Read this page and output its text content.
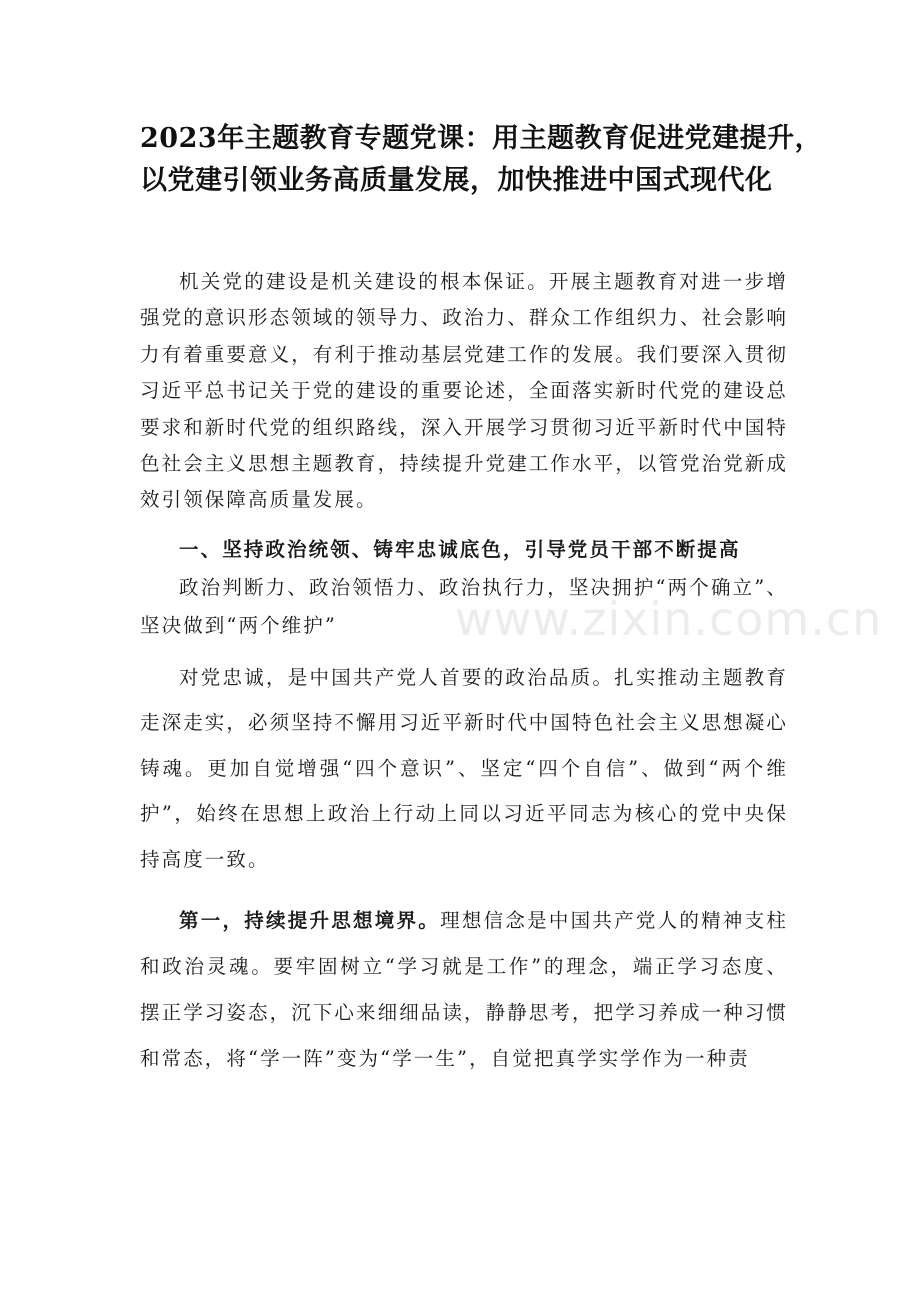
2023年主题教育专题党课：用主题教育促进党建提升，
以党建引领业务高质量发展，加快推进中国式现代化

机关党的建设是机关建设的根本保证。开展主题教育对进一步增强党的意识形态领域的领导力、政治力、群众工作组织力、社会影响力有着重要意义，有利于推动基层党建工作的发展。我们要深入贯彻习近平总书记关于党的建设的重要论述，全面落实新时代党的建设总要求和新时代党的组织路线，深入开展学习贯彻习近平新时代中国特色社会主义思想主题教育，持续提升党建工作水平，以管党治党新成效引领保障高质量发展。

一、坚持政治统领、铸牢忠诚底色，引导党员干部不断提高

政治判断力、政治领悟力、政治执行力，坚决拥护“两个确立”、坚决做到“两个维护”

对党忠诚，是中国共产党人首要的政治品质。扎实推动主题教育走深走实，必须坚持不懈用习近平新时代中国特色社会主义思想凝心铸魂。更加自觉增强“四个意识”、坚定“四个自信”、做到“两个维护”，始终在思想上政治上行动上同以习近平同志为核心的党中央保持高度一致。

第一，持续提升思想境界。理想信念是中国共产党人的精神支柱和政治灵魂。要牢固树立“学习就是工作”的理念，端正学习态度、摆正学习姿态，沉下心来细细品读，静静思考，把学习养成一种习惯和常态，将“学一阵”变为“学一生”，自觉把真学实学作为一种责

www.zixin.com.cn
